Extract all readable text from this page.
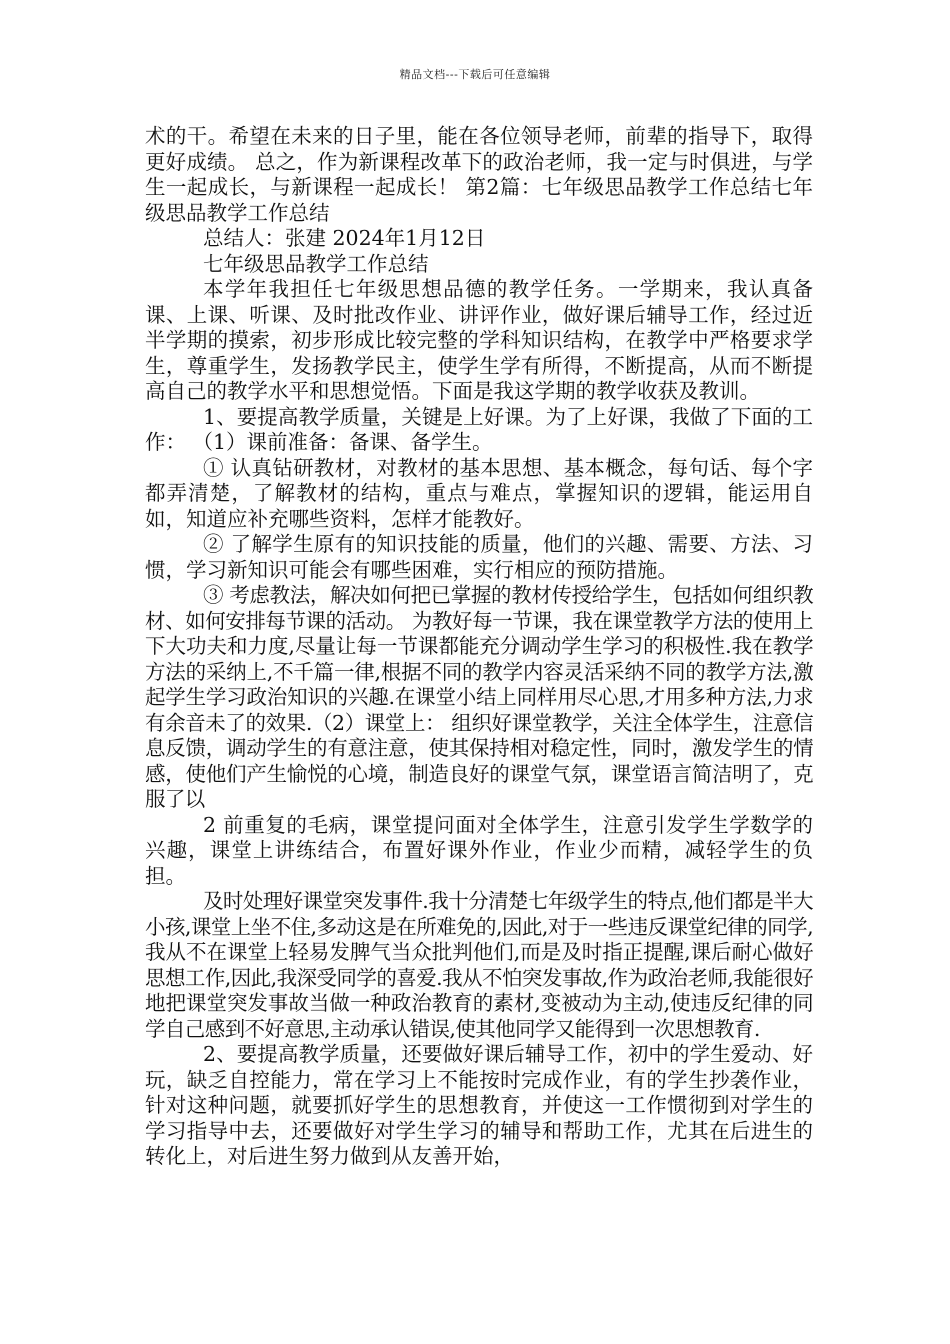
精品文档---下载后可任意编辑

术的干。希望在未来的日子里，能在各位领导老师，前辈的指导下，取得更好成绩。 总之，作为新课程改革下的政治老师，我一定与时俱进，与学生一起成长，与新课程一起成长！ 第2篇：七年级思品教学工作总结七年级思品教学工作总结

总结人：张建 2024年1月12日

七年级思品教学工作总结

本学年我担任七年级思想品德的教学任务。一学期来，我认真备课、上课、听课、及时批改作业、讲评作业，做好课后辅导工作，经过近半学期的摸索，初步形成比较完整的学科知识结构，在教学中严格要求学生，尊重学生，发扬教学民主，使学生学有所得，不断提高，从而不断提高自己的教学水平和思想觉悟。下面是我这学期的教学收获及教训。

1、要提高教学质量，关键是上好课。为了上好课，我做了下面的工作： （1）课前准备：备课、备学生。

① 认真钻研教材，对教材的基本思想、基本概念，每句话、每个字都弄清楚，了解教材的结构，重点与难点，掌握知识的逻辑，能运用自如，知道应补充哪些资料，怎样才能教好。

② 了解学生原有的知识技能的质量，他们的兴趣、需要、方法、习惯，学习新知识可能会有哪些困难，实行相应的预防措施。

③ 考虑教法，解决如何把已掌握的教材传授给学生，包括如何组织教材、如何安排每节课的活动。 为教好每一节课，我在课堂教学方法的使用上下大功夫和力度,尽量让每一节课都能充分调动学生学习的积极性.我在教学方法的采纳上,不千篇一律,根据不同的教学内容灵活采纳不同的教学方法,激起学生学习政治知识的兴趣.在课堂小结上同样用尽心思,才用多种方法,力求有余音未了的效果.（2）课堂上： 组织好课堂教学，关注全体学生，注意信息反馈，调动学生的有意注意，使其保持相对稳定性，同时，激发学生的情感，使他们产生愉悦的心境，制造良好的课堂气氛，课堂语言简洁明了，克服了以

2 前重复的毛病，课堂提问面对全体学生，注意引发学生学数学的兴趣，课堂上讲练结合，布置好课外作业，作业少而精，减轻学生的负担。

及时处理好课堂突发事件.我十分清楚七年级学生的特点,他们都是半大小孩,课堂上坐不住,多动这是在所难免的,因此,对于一些违反课堂纪律的同学,我从不在课堂上轻易发脾气当众批判他们,而是及时指正提醒,课后耐心做好思想工作,因此,我深受同学的喜爱.我从不怕突发事故,作为政治老师,我能很好地把课堂突发事故当做一种政治教育的素材,变被动为主动,使违反纪律的同学自己感到不好意思,主动承认错误,使其他同学又能得到一次思想教育.

2、要提高教学质量，还要做好课后辅导工作，初中的学生爱动、好玩，缺乏自控能力，常在学习上不能按时完成作业，有的学生抄袭作业，针对这种问题，就要抓好学生的思想教育，并使这一工作惯彻到对学生的学习指导中去，还要做好对学生学习的辅导和帮助工作，尤其在后进生的转化上，对后进生努力做到从友善开始，
